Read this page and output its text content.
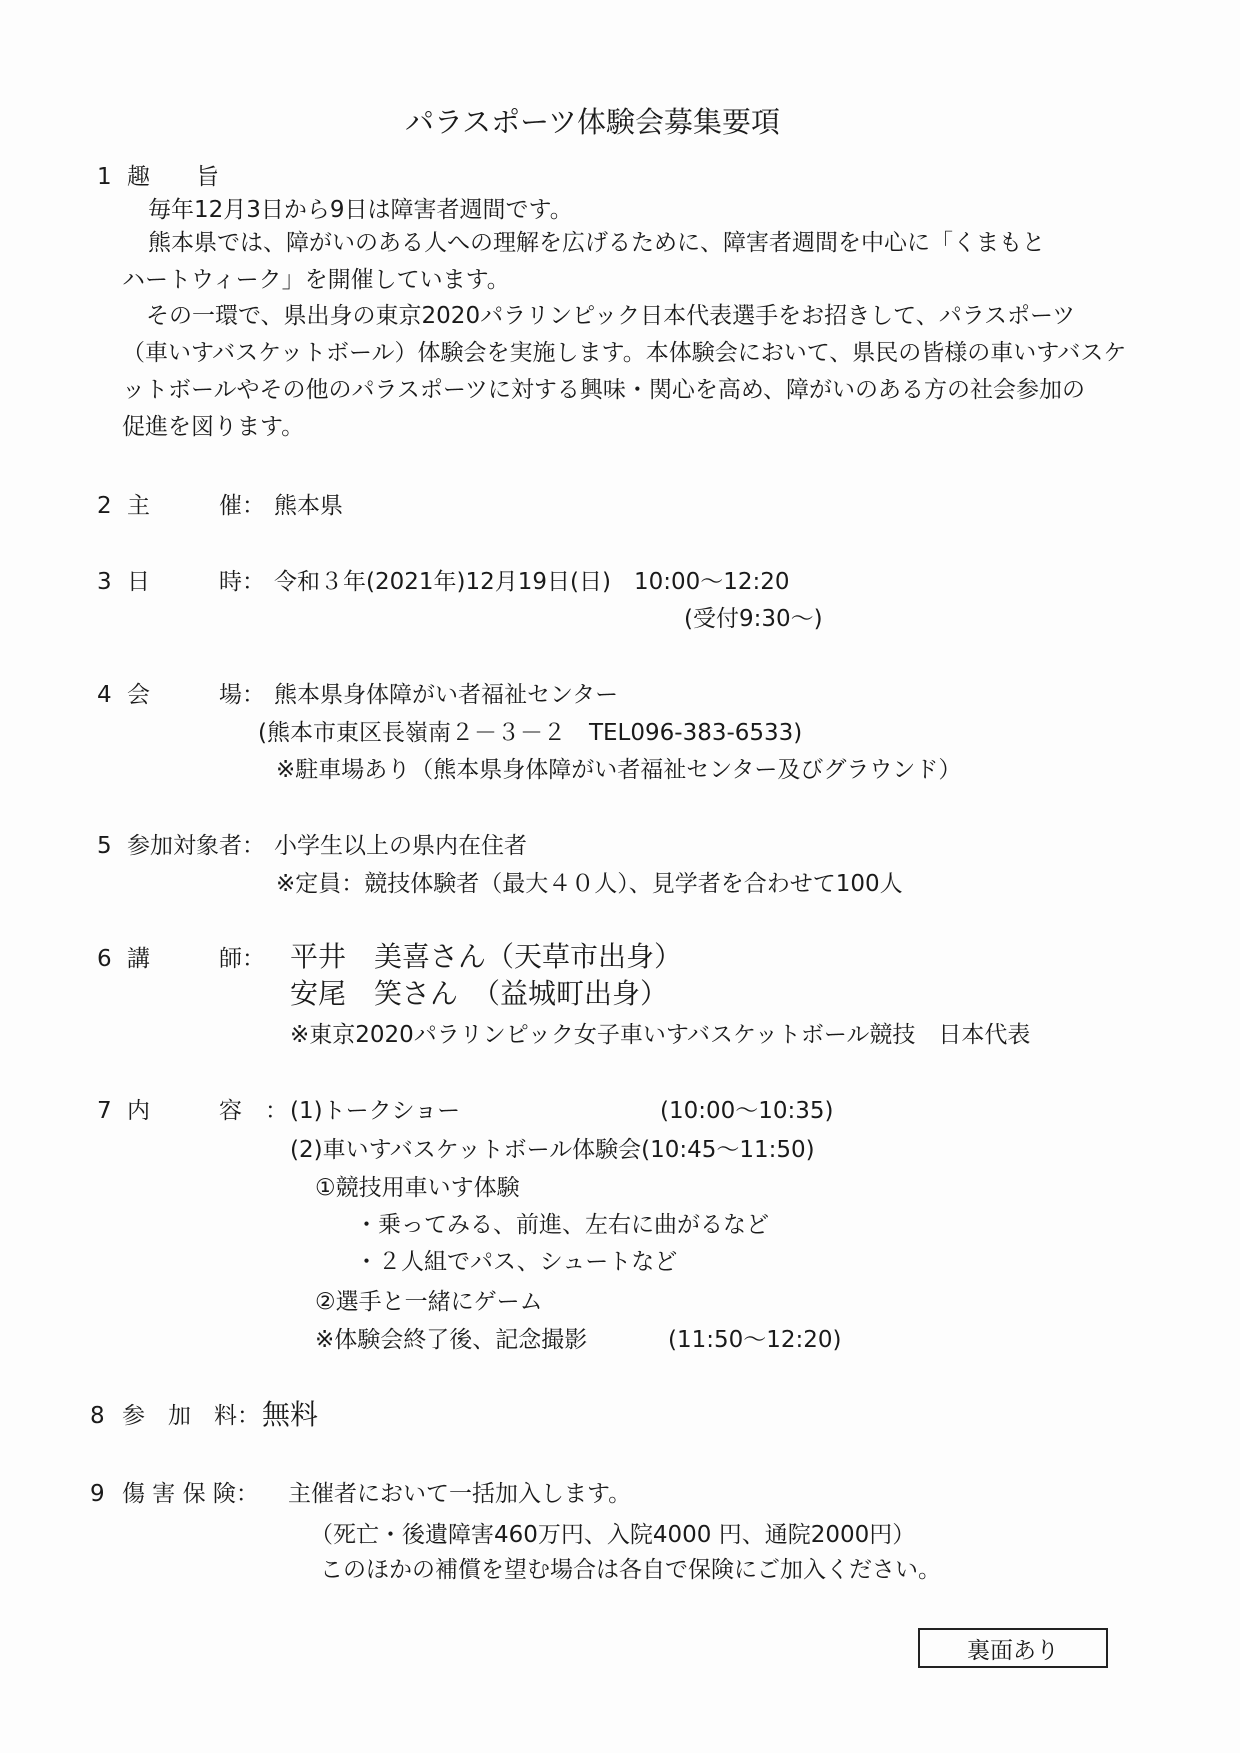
パラスポーツ体験会募集要項
1 趣　　旨
毎年12月3日から9日は障害者週間です。
熊本県では、障がいのある人への理解を広げるために、障害者週間を中心に「くまもと
ハートウィーク」を開催しています。
その一環で、県出身の東京2020パラリンピック日本代表選手をお招きして、パラスポーツ
（車いすバスケットボール）体験会を実施します。本体験会において、県民の皆様の車いすバスケ
ットボールやその他のパラスポーツに対する興味・関心を高め、障がいのある方の社会参加の
促進を図ります。
2 主　　　催： 熊本県
3 日　　　時： 令和３年(2021年)12月19日(日)　10:00～12:20
(受付9:30～)
4 会　　　場： 熊本県身体障がい者福祉センター
(熊本市東区長嶺南２－３－２　TEL096-383-6533)
※駐車場あり（熊本県身体障がい者福祉センター及びグラウンド）
5 参加対象者： 小学生以上の県内在住者
※定員：競技体験者（最大４０人）、見学者を合わせて100人
6 講　　　師： 平井　美喜さん（天草市出身）
安尾　笑さん　（益城町出身）
※東京2020パラリンピック女子車いすバスケットボール競技　日本代表
7 内　　　容　： (1)トークショー	(10:00～10:35)
(2)車いすバスケットボール体験会(10:45～11:50)
①競技用車いす体験
・乗ってみる、前進、左右に曲がるなど
・２人組でパス、シュートなど
②選手と一緒にゲーム
※体験会終了後、記念撮影	(11:50～12:20)
8 参　加　料： 無料
9 傷 害 保 険： 主催者において一括加入します。
（死亡・後遺障害460万円、入院4000 円、通院2000円）
このほかの補償を望む場合は各自で保険にご加入ください。
裏面あり
